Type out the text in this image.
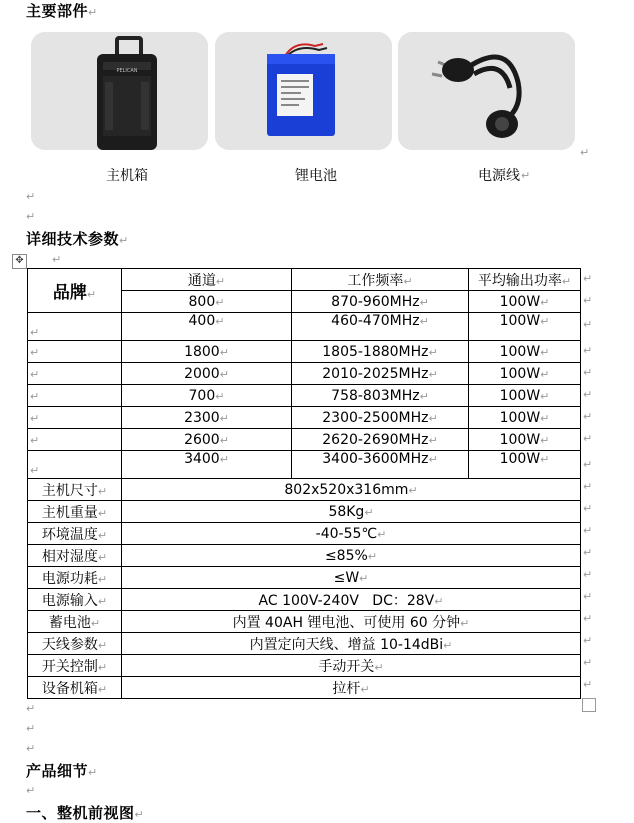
主要部件↵
PELICAN
主机箱	锂电池	电源线
↵
↵
↵
↵
详细技术参数↵
✥	↵
品牌↵	通道↵	工作频率↵	平均输出功率↵
	800↵	870-960MHz↵	100W↵
↵	400↵	460-470MHz↵	100W↵
↵	1800↵	1805-1880MHz↵	100W↵
↵	2000↵	2010-2025MHz↵	100W↵
↵	700↵	758-803MHz↵	100W↵
↵	2300↵	2300-2500MHz↵	100W↵
↵	2600↵	2620-2690MHz↵	100W↵
↵	3400↵	3400-3600MHz↵	100W↵
主机尺寸↵	802x520x316mm↵		
主机重量↵	58Kg↵		
环境温度↵	-40-55℃↵		
相对湿度↵	≤85%↵		
电源功耗↵	≤W↵		
电源输入↵	AC 100V-240V   DC：28V↵		
蓄电池↵	内置 40AH 锂电池、可使用 60 分钟↵		
天线参数↵	内置定向天线、增益 10-14dBi↵		
开关控制↵	手动开关↵		
设备机箱↵	拉杆↵		
↵
↵
↵
↵
↵
↵
↵
↵
↵
↵
↵
↵
↵
↵
↵
↵
↵
↵
↵
↵
↵
↵
产品细节↵
↵
一、整机前视图↵
